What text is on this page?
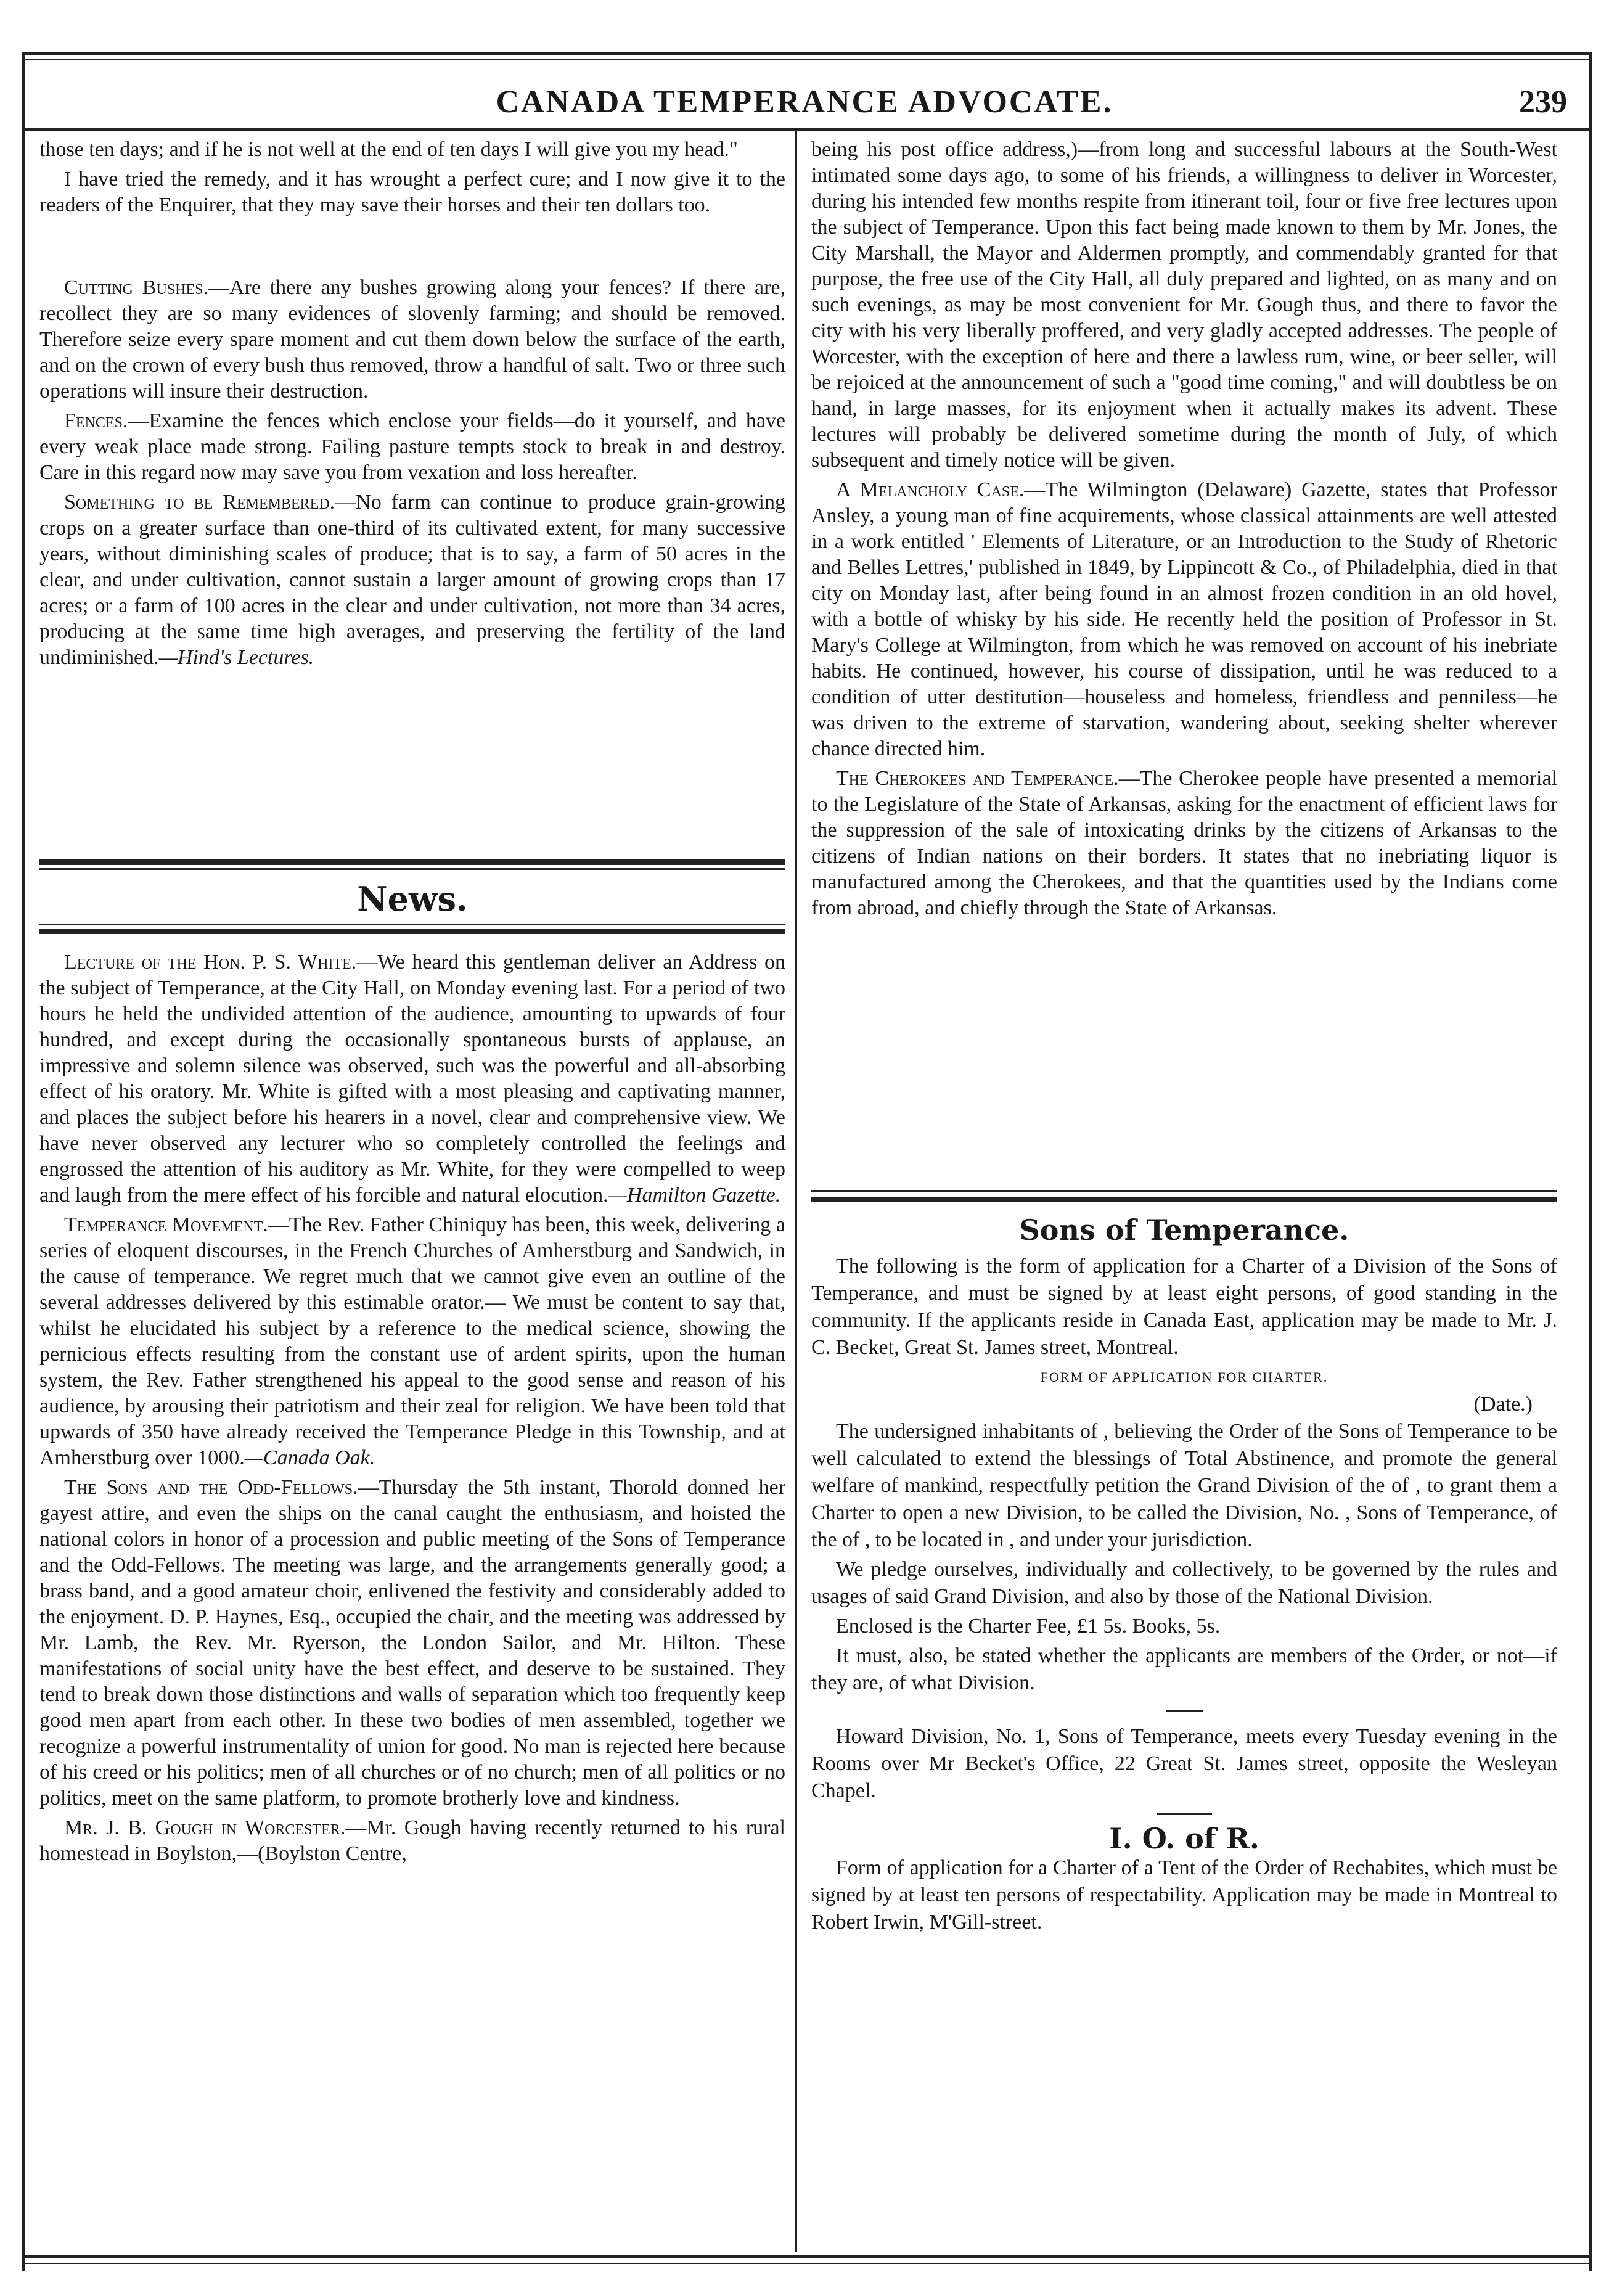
CANADA TEMPERANCE ADVOCATE.	239

those ten days; and if he is not well at the end of ten days I will give you my head."

I have tried the remedy, and it has wrought a perfect cure; and I now give it to the readers of the Enquirer, that they may save their horses and their ten dollars too.

Cutting Bushes.—Are there any bushes growing along your fences? If there are, recollect they are so many evidences of slovenly farming; and should be removed. Therefore seize every spare moment and cut them down below the surface of the earth, and on the crown of every bush thus removed, throw a handful of salt. Two or three such operations will insure their destruction.

Fences.—Examine the fences which enclose your fields—do it yourself, and have every weak place made strong. Failing pasture tempts stock to break in and destroy. Care in this regard now may save you from vexation and loss hereafter.

Something to be Remembered.—No farm can continue to produce grain-growing crops on a greater surface than one-third of its cultivated extent, for many successive years, without diminishing scales of produce; that is to say, a farm of 50 acres in the clear, and under cultivation, cannot sustain a larger amount of growing crops than 17 acres; or a farm of 100 acres in the clear and under cultivation, not more than 34 acres, producing at the same time high averages, and preserving the fertility of the land undiminished.—Hind's Lectures.

News.

Lecture of the Hon. P. S. White.—We heard this gentleman deliver an Address on the subject of Temperance, at the City Hall, on Monday evening last. For a period of two hours he held the undivided attention of the audience, amounting to upwards of four hundred, and except during the occasionally spontaneous bursts of applause, an impressive and solemn silence was observed, such was the powerful and all-absorbing effect of his oratory. Mr. White is gifted with a most pleasing and captivating manner, and places the subject before his hearers in a novel, clear and comprehensive view. We have never observed any lecturer who so completely controlled the feelings and engrossed the attention of his auditory as Mr. White, for they were compelled to weep and laugh from the mere effect of his forcible and natural elocution.—Hamilton Gazette.

Temperance Movement.—The Rev. Father Chiniquy has been, this week, delivering a series of eloquent discourses, in the French Churches of Amherstburg and Sandwich, in the cause of temperance. We regret much that we cannot give even an outline of the several addresses delivered by this estimable orator.— We must be content to say that, whilst he elucidated his subject by a reference to the medical science, showing the pernicious effects resulting from the constant use of ardent spirits, upon the human system, the Rev. Father strengthened his appeal to the good sense and reason of his audience, by arousing their patriotism and their zeal for religion. We have been told that upwards of 350 have already received the Temperance Pledge in this Township, and at Amherstburg over 1000.—Canada Oak.

The Sons and the Odd-Fellows.—Thursday the 5th instant, Thorold donned her gayest attire, and even the ships on the canal caught the enthusiasm, and hoisted the national colors in honor of a procession and public meeting of the Sons of Temperance and the Odd-Fellows. The meeting was large, and the arrangements generally good; a brass band, and a good amateur choir, enlivened the festivity and considerably added to the enjoyment. D. P. Haynes, Esq., occupied the chair, and the meeting was addressed by Mr. Lamb, the Rev. Mr. Ryerson, the London Sailor, and Mr. Hilton. These manifestations of social unity have the best effect, and deserve to be sustained. They tend to break down those distinctions and walls of separation which too frequently keep good men apart from each other. In these two bodies of men assembled, together we recognize a powerful instrumentality of union for good. No man is rejected here because of his creed or his politics; men of all churches or of no church; men of all politics or no politics, meet on the same platform, to promote brotherly love and kindness.

Mr. J. B. Gough in Worcester.—Mr. Gough having recently returned to his rural homestead in Boylston,—(Boylston Centre,

being his post office address,)—from long and successful labours at the South-West intimated some days ago, to some of his friends, a willingness to deliver in Worcester, during his intended few months respite from itinerant toil, four or five free lectures upon the subject of Temperance. Upon this fact being made known to them by Mr. Jones, the City Marshall, the Mayor and Aldermen promptly, and commendably granted for that purpose, the free use of the City Hall, all duly prepared and lighted, on as many and on such evenings, as may be most convenient for Mr. Gough thus, and there to favor the city with his very liberally proffered, and very gladly accepted addresses. The people of Worcester, with the exception of here and there a lawless rum, wine, or beer seller, will be rejoiced at the announcement of such a "good time coming," and will doubtless be on hand, in large masses, for its enjoyment when it actually makes its advent. These lectures will probably be delivered sometime during the month of July, of which subsequent and timely notice will be given.

A Melancholy Case.—The Wilmington (Delaware) Gazette, states that Professor Ansley, a young man of fine acquirements, whose classical attainments are well attested in a work entitled ' Elements of Literature, or an Introduction to the Study of Rhetoric and Belles Lettres,' published in 1849, by Lippincott & Co., of Philadelphia, died in that city on Monday last, after being found in an almost frozen condition in an old hovel, with a bottle of whisky by his side. He recently held the position of Professor in St. Mary's College at Wilmington, from which he was removed on account of his inebriate habits. He continued, however, his course of dissipation, until he was reduced to a condition of utter destitution—houseless and homeless, friendless and penniless—he was driven to the extreme of starvation, wandering about, seeking shelter wherever chance directed him.

The Cherokees and Temperance.—The Cherokee people have presented a memorial to the Legislature of the State of Arkansas, asking for the enactment of efficient laws for the suppression of the sale of intoxicating drinks by the citizens of Arkansas to the citizens of Indian nations on their borders. It states that no inebriating liquor is manufactured among the Cherokees, and that the quantities used by the Indians come from abroad, and chiefly through the State of Arkansas.

Sons of Temperance.

The following is the form of application for a Charter of a Division of the Sons of Temperance, and must be signed by at least eight persons, of good standing in the community. If the applicants reside in Canada East, application may be made to Mr. J. C. Becket, Great St. James street, Montreal.

FORM OF APPLICATION FOR CHARTER.
(Date.)

The undersigned inhabitants of , believing the Order of the Sons of Temperance to be well calculated to extend the blessings of Total Abstinence, and promote the general welfare of mankind, respectfully petition the Grand Division of the of , to grant them a Charter to open a new Division, to be called the Division, No. , Sons of Temperance, of the of , to be located in , and under your jurisdiction.

We pledge ourselves, individually and collectively, to be governed by the rules and usages of said Grand Division, and also by those of the National Division.

Enclosed is the Charter Fee, £1 5s. Books, 5s.

It must, also, be stated whether the applicants are members of the Order, or not—if they are, of what Division.

Howard Division, No. 1, Sons of Temperance, meets every Tuesday evening in the Rooms over Mr Becket's Office, 22 Great St. James street, opposite the Wesleyan Chapel.

I. O. of R.

Form of application for a Charter of a Tent of the Order of Rechabites, which must be signed by at least ten persons of respectability. Application may be made in Montreal to Robert Irwin, M'Gill-street.
